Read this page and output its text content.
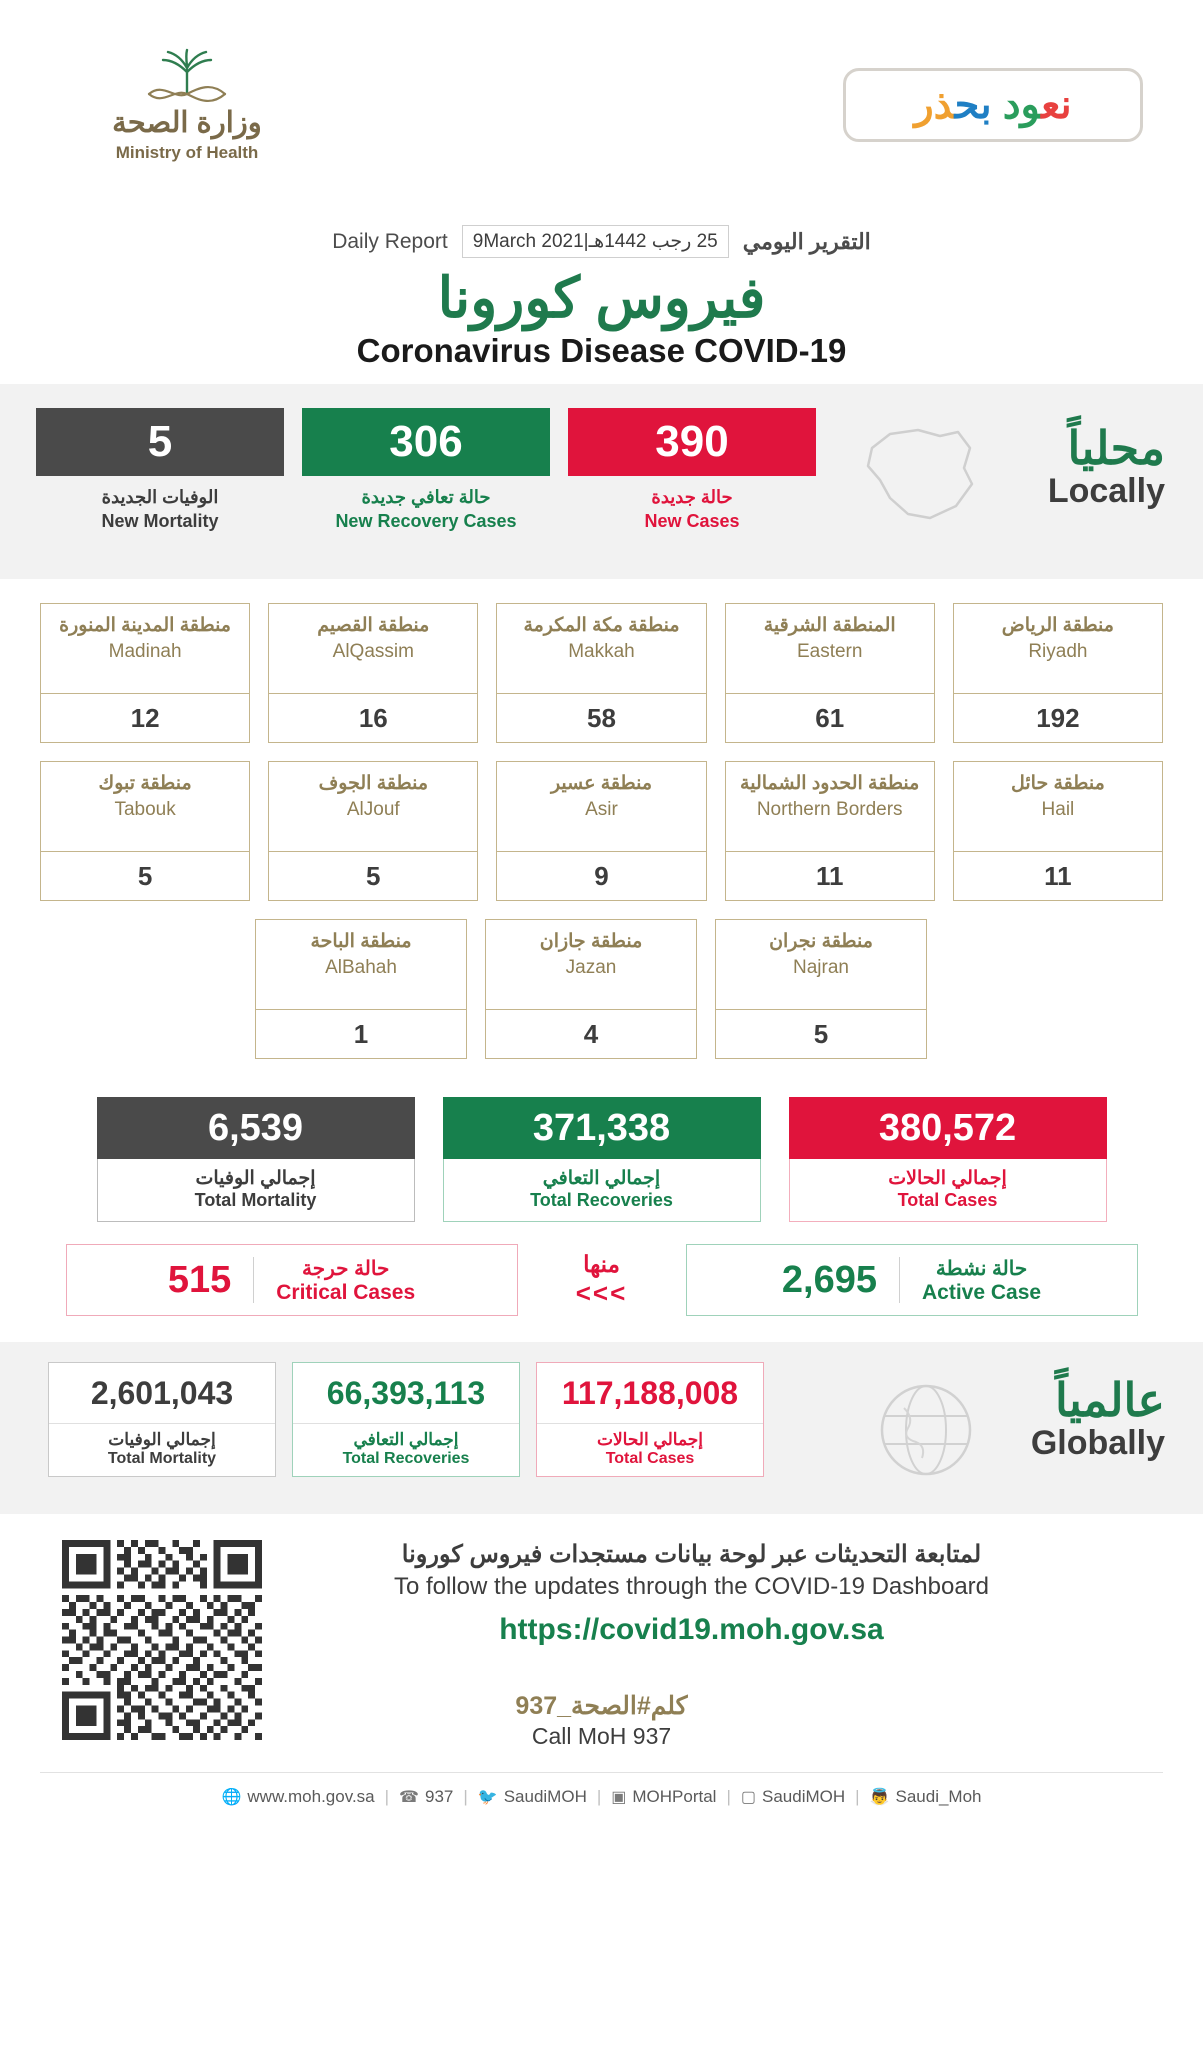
وزارة الصحة
Ministry of Health
نعود بحذر
Daily Report	25 رجب 1442هـ|9March 2021	التقرير اليومي
فيروس كورونا
Coronavirus Disease COVID-19
محلياً
Locally
5
الوفيات الجديدة
New Mortality
306
حالة تعافي جديدة
New Recovery Cases
390
حالة جديدة
New Cases
منطقة المدينة المنورة
Madinah
12
منطقة القصيم
AlQassim
16
منطقة مكة المكرمة
Makkah
58
المنطقة الشرقية
Eastern
61
منطقة الرياض
Riyadh
192
منطقة تبوك
Tabouk
5
منطقة الجوف
AlJouf
5
منطقة عسير
Asir
9
منطقة الحدود الشمالية
Northern Borders
11
منطقة حائل
Hail
11
منطقة الباحة
AlBahah
1
منطقة جازان
Jazan
4
منطقة نجران
Najran
5
6,539
إجمالي الوفيات
Total Mortality
371,338
إجمالي التعافي
Total Recoveries
380,572
إجمالي الحالات
Total Cases
515	حالة حرجة
Critical Cases
منها
<<<	2,695	حالة نشطة
Active Case
عالمياً
Globally
2,601,043
إجمالي الوفيات
Total Mortality
66,393,113
إجمالي التعافي
Total Recoveries
117,188,008
إجمالي الحالات
Total Cases
لمتابعة التحديثات عبر لوحة بيانات مستجدات فيروس كورونا
To follow the updates through the COVID-19 Dashboard
https://covid19.moh.gov.sa
كلم#الصحة_937
Call MoH 937
🌐 www.moh.gov.sa | ☎ 937 | 🐦 SaudiMOH | ▣ MOHPortal | ▢ SaudiMOH | 👼 Saudi_Moh
